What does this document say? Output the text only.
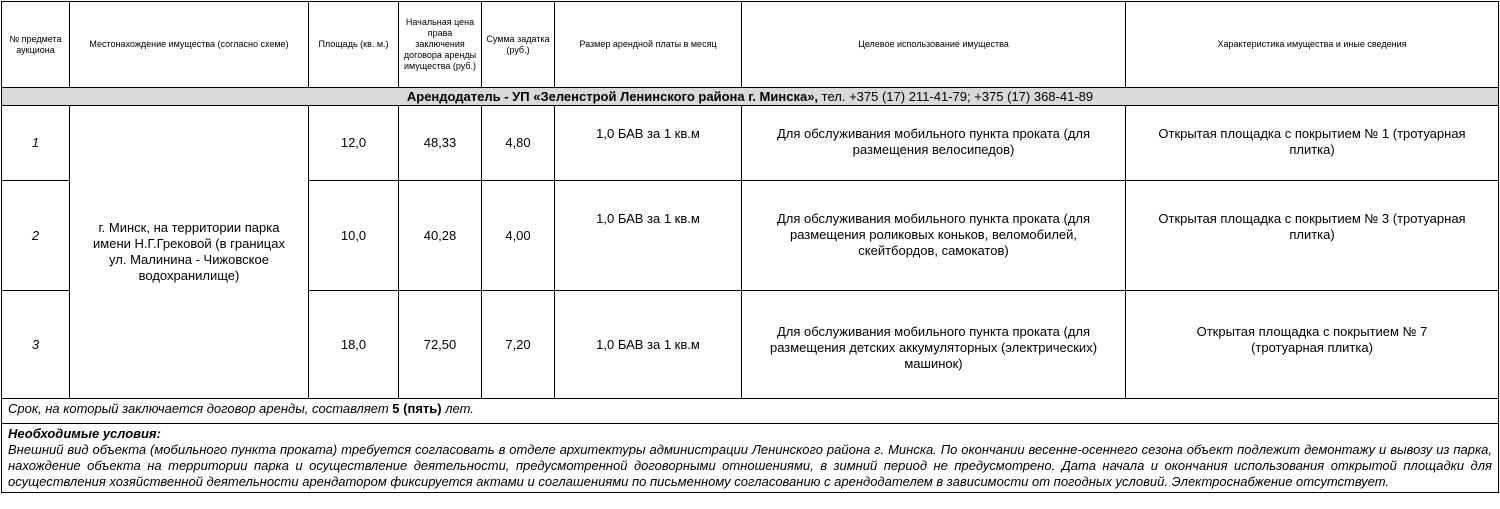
№ предмета аукциона	Местонахождение имущества (согласно схеме)	Площадь (кв. м.)	Начальная цена права заключения договора аренды имущества (руб.)	Сумма задатка (руб.)	Размер арендной платы в месяц	Целевое использование имущества	Характеристика имущества и иные сведения
Арендодатель - УП «Зеленстрой Ленинского района г. Минска», тел. +375 (17) 211-41-79; +375 (17) 368-41-89							
1	г. Минск, на территории парка имени Н.Г.Грековой (в границах ул. Малинина - Чижовское водохранилище)	12,0	48,33	4,80	1,0 БАВ за 1 кв.м	Для обслуживания мобильного пункта проката (для размещения велосипедов)	Открытая площадка с покрытием № 1 (тротуарная плитка)
2		10,0	40,28	4,00	1,0 БАВ за 1 кв.м	Для обслуживания мобильного пункта проката (для размещения роликовых коньков, веломобилей, скейтбордов, самокатов)	Открытая площадка с покрытием № 3 (тротуарная плитка)
3		18,0	72,50	7,20	1,0 БАВ за 1 кв.м	Для обслуживания мобильного пункта проката (для размещения детских аккумуляторных (электрических) машинок)	Открытая площадка с покрытием № 7 (тротуарная плитка)
Срок, на который заключается договор аренды, составляет 5 (пять) лет.							

Необходимые условия:
Внешний вид объекта (мобильного пункта проката) требуется согласовать в отделе архитектуры администрации Ленинского района г. Минска. По окончании весенне-осеннего сезона объект подлежит демонтажу и вывозу из парка, нахождение объекта на территории парка и осуществление деятельности, предусмотренной договорными отношениями, в зимний период не предусмотрено. Дата начала и окончания использования открытой площадки для осуществления хозяйственной деятельности арендатором фиксируется актами и соглашениями по письменному согласованию с арендодателем в зависимости от погодных условий. Электроснабжение отсутствует.							
